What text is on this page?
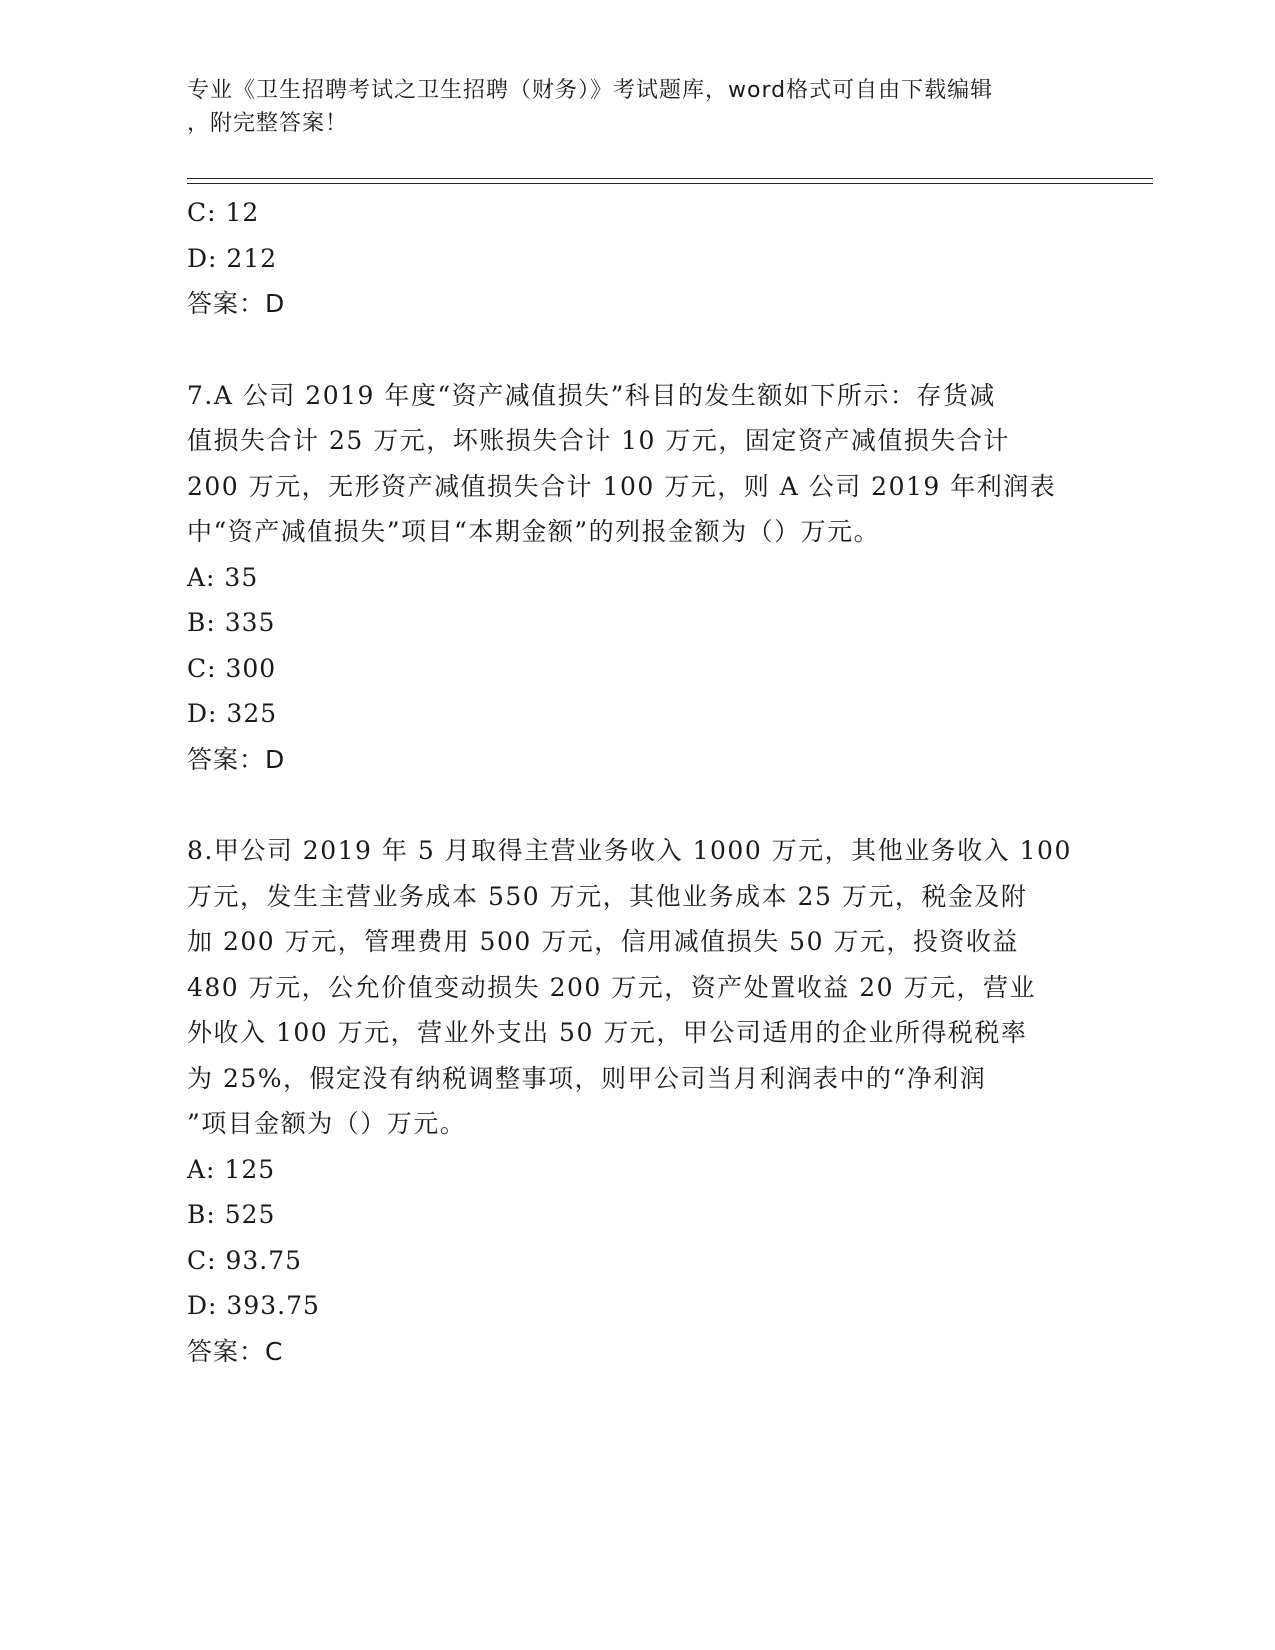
专业《卫生招聘考试之卫生招聘（财务）》考试题库，word格式可自由下载编辑
，附完整答案！
C: 12
D: 212
答案：D
7.A 公司 2019 年度“资产减值损失”科目的发生额如下所示：存货减
值损失合计 25 万元，坏账损失合计 10 万元，固定资产减值损失合计
200 万元，无形资产减值损失合计 100 万元，则 A 公司 2019 年利润表
中“资产减值损失”项目“本期金额”的列报金额为（）万元。
A: 35
B: 335
C: 300
D: 325
答案：D
8.甲公司 2019 年 5 月取得主营业务收入 1000 万元，其他业务收入 100
万元，发生主营业务成本 550 万元，其他业务成本 25 万元，税金及附
加 200 万元，管理费用 500 万元，信用减值损失 50 万元，投资收益
480 万元，公允价值变动损失 200 万元，资产处置收益 20 万元，营业
外收入 100 万元，营业外支出 50 万元，甲公司适用的企业所得税税率
为 25%，假定没有纳税调整事项，则甲公司当月利润表中的“净利润
”项目金额为（）万元。
A: 125
B: 525
C: 93.75
D: 393.75
答案：C
